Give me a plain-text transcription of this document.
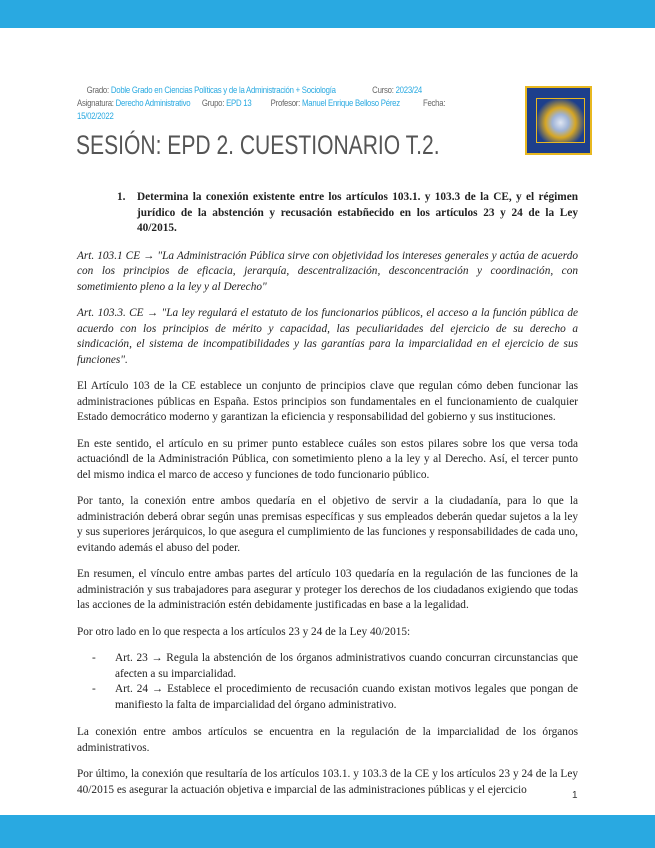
Grado: Doble Grado en Ciencias Políticas y de la Administración + Sociología	Curso: 2023/24
Asignatura: Derecho Administrativo Grupo: EPD 13 Profesor: Manuel Enrique Belloso Pérez Fecha:
15/02/2022
SESIÓN: EPD 2. CUESTIONARIO T.2.
1.	Determina la conexión existente entre los artículos 103.1. y 103.3 de la CE, y el régimen jurídico de la abstención y recusación estabñecido en los artículos 23 y 24 de la Ley 40/2015.

Art. 103.1 CE → "La Administración Pública sirve con objetividad los intereses generales y actúa de acuerdo con los principios de eficacia, jerarquía, descentralización, desconcentración y coordinación, con sometimiento pleno a la ley y al Derecho"

Art. 103.3. CE → "La ley regulará el estatuto de los funcionarios públicos, el acceso a la función pública de acuerdo con los principios de mérito y capacidad, las peculiaridades del ejercicio de su derecho a sindicación, el sistema de incompatibilidades y las garantías para la imparcialidad en el ejercicio de sus funciones".

El Artículo 103 de la CE establece un conjunto de principios clave que regulan cómo deben funcionar las administraciones públicas en España. Estos principios son fundamentales en el funcionamiento de cualquier Estado democrático moderno y garantizan la eficiencia y responsabilidad del gobierno y sus instituciones.

En este sentido, el artículo en su primer punto establece cuáles son estos pilares sobre los que versa toda actuacióndl de la Administración Pública, con sometimiento pleno a la ley y al Derecho. Así, el tercer punto del mismo indica el marco de acceso y funciones de todo funcionario público.

Por tanto, la conexión entre ambos quedaría en el objetivo de servir a la ciudadanía, para lo que la administración deberá obrar según unas premisas específicas y sus empleados deberán quedar sujetos a la ley y sus superiores jerárquicos, lo que asegura el cumplimiento de las funciones y responsabilidades de cada uno, evitando además el abuso del poder.

En resumen, el vínculo entre ambas partes del artículo 103 quedaría en la regulación de las funciones de la administración y sus trabajadores para asegurar y proteger los derechos de los ciudadanos exigiendo que todas las acciones de la administración estén debidamente justificadas en base a la legalidad.

Por otro lado en lo que respecta a los artículos 23 y 24 de la Ley 40/2015:

-	Art. 23 → Regula la abstención de los órganos administrativos cuando concurran circunstancias que afecten a su imparcialidad.
-	Art. 24 → Establece el procedimiento de recusación cuando existan motivos legales que pongan de manifiesto la falta de imparcialidad del órgano administrativo.

La conexión entre ambos artículos se encuentra en la regulación de la imparcialidad de los órganos administrativos.

Por último, la conexión que resultaría de los artículos 103.1. y 103.3 de la CE y los artículos 23 y 24 de la Ley 40/2015 es asegurar la actuación objetiva e imparcial de las administraciones públicas y el ejercicio	1
